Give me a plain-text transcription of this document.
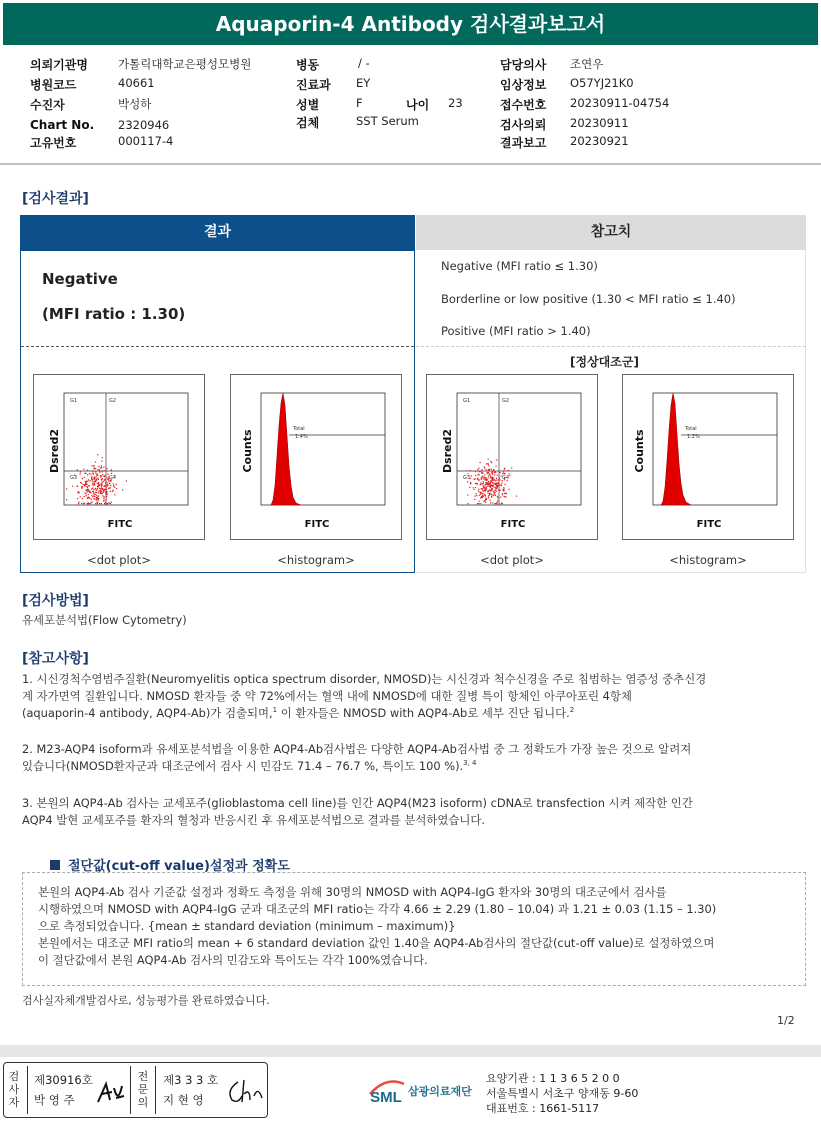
Aquaporin-4 Antibody 검사결과보고서
의뢰기관명	가톨릭대학교은평성모병원
병원코드	40661
수진자	박성하
Chart No. 2320946
고유번호	000117-4
병동	/ -
진료과 EY
성별	F
검체	SST Serum
나이 23
담당의사 조연우
임상정보 O57YJ21K0
접수번호 20230911-04754
검사의뢰 20230911
결과보고 20230921
[검사결과]
결과	참고치
Negative
(MFI ratio : 1.30)
Negative (MFI ratio ≤ 1.30)
Borderline or low positive (1.30 < MFI ratio ≤ 1.40)
Positive (MFI ratio > 1.40)
[정상대조군]
G1	G2
G3	G4
Dsred2
FITC
Total
1.4%
Counts
FITC
G1	G2
G3	G4
Dsred2
FITC
Total
1.2%
Counts
FITC
<dot plot>	<histogram>	<dot plot>	<histogram>
[검사방법]
유세포분석법(Flow Cytometry)
[참고사항]
1. 시신경척수염범주질환(Neuromyelitis optica spectrum disorder, NMOSD)는 시신경과 척수신경을 주로 침범하는 염증성 중추신경
계 자가면역 질환입니다. NMOSD 환자들 중 약 72%에서는 혈액 내에 NMOSD에 대한 질병 특이 항체인 아쿠아포린 4항체
(aquaporin-4 antibody, AQP4-Ab)가 검출되며,$^1$ 이 환자들은 NMOSD with AQP4-Ab로 세부 진단 됩니다.$^2$
2. M23-AQP4 isoform과 유세포분석법을 이용한 AQP4-Ab검사법은 다양한 AQP4-Ab검사법 중 그 정확도가 가장 높은 것으로 알려져
있습니다(NMOSD환자군과 대조군에서 검사 시 민감도 71.4 – 76.7 %, 특이도 100 %).$^{3, 4}$
3. 본원의 AQP4-Ab 검사는 교세포주(glioblastoma cell line)를 인간 AQP4(M23 isoform) cDNA로 transfection 시켜 제작한 인간
AQP4 발현 교세포주를 환자의 혈청과 반응시킨 후 유세포분석법으로 결과를 분석하였습니다.
절단값(cut-off value)설정과 정확도
본원의 AQP4-Ab 검사 기준값 설정과 정확도 측정을 위해 30명의 NMOSD with AQP4-IgG 환자와 30명의 대조군에서 검사를
시행하였으며 NMOSD with AQP4-IgG 군과 대조군의 MFI ratio는 각각 4.66 ± 2.29 (1.80 – 10.04) 과 1.21 ± 0.03 (1.15 – 1.30)
으로 측정되었습니다. {mean ± standard deviation (minimum – maximum)}
본원에서는 대조군 MFI ratio의 mean + 6 standard deviation 값인 1.40을 AQP4-Ab검사의 절단값(cut-off value)로 설정하였으며
이 절단값에서 본원 AQP4-Ab 검사의 민감도와 특이도는 각각 100%였습니다.
검사실자체개발검사로, 성능평가를 완료하였습니다.
1/2
검사자
제30916호
박 영 주
전문의
제3 3 3 호
지 현 영	SML 삼광의료재단
요양기관 : 1 1 3 6 5 2 0 0
서울특별시 서초구 양재동 9-60
대표번호 : 1661-5117
